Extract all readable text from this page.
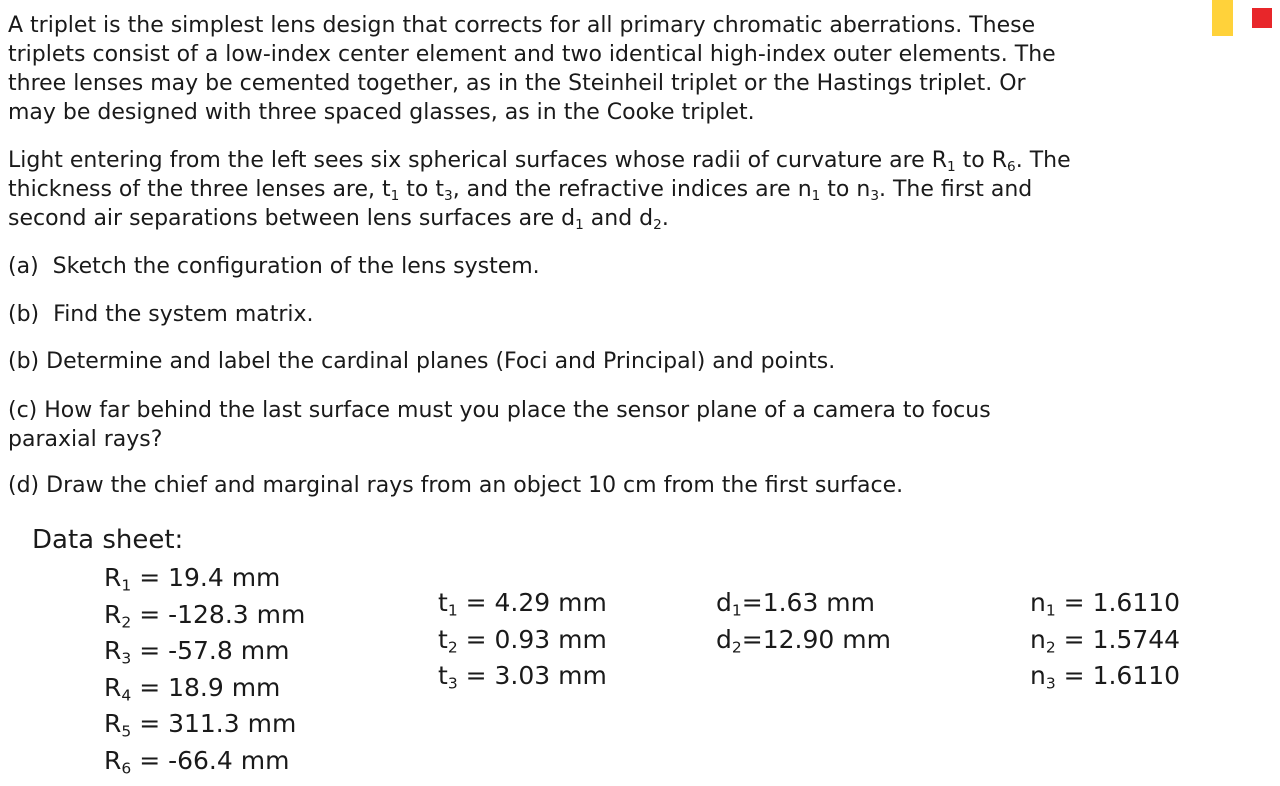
A triplet is the simplest lens design that corrects for all primary chromatic aberrations. These

triplets consist of a low-index center element and two identical high-index outer elements. The

three lenses may be cemented together, as in the Steinheil triplet or the Hastings triplet. Or

may be designed with three spaced glasses, as in the Cooke triplet.

Light entering from the left sees six spherical surfaces whose radii of curvature are $R_1$ to $R_6$. The

thickness of the three lenses are, $t_1$ to $t_3$, and the refractive indices are $n_1$ to $n_3$. The first and

second air separations between lens surfaces are $d_1$ and $d_2$.

(a) Sketch the configuration of the lens system.

(b) Find the system matrix.

(b) Determine and label the cardinal planes (Foci and Principal) and points.

(c) How far behind the last surface must you place the sensor plane of a camera to focus

paraxial rays?

(d) Draw the chief and marginal rays from an object 10 cm from the first surface.

Data sheet:
$R_1 = 19.4$ mm
$R_2 = -128.3$ mm
$R_3 = -57.8$ mm
$R_4 = 18.9$ mm
$R_5 = 311.3$ mm
$R_6 = -66.4$ mm
$t_1 = 4.29$ mm
$t_2 = 0.93$ mm
$t_3 = 3.03$ mm
$d_1=1.63$ mm
$d_2=12.90$ mm
$n_1 = 1.6110$
$n_2 = 1.5744$
$n_3 = 1.6110$
